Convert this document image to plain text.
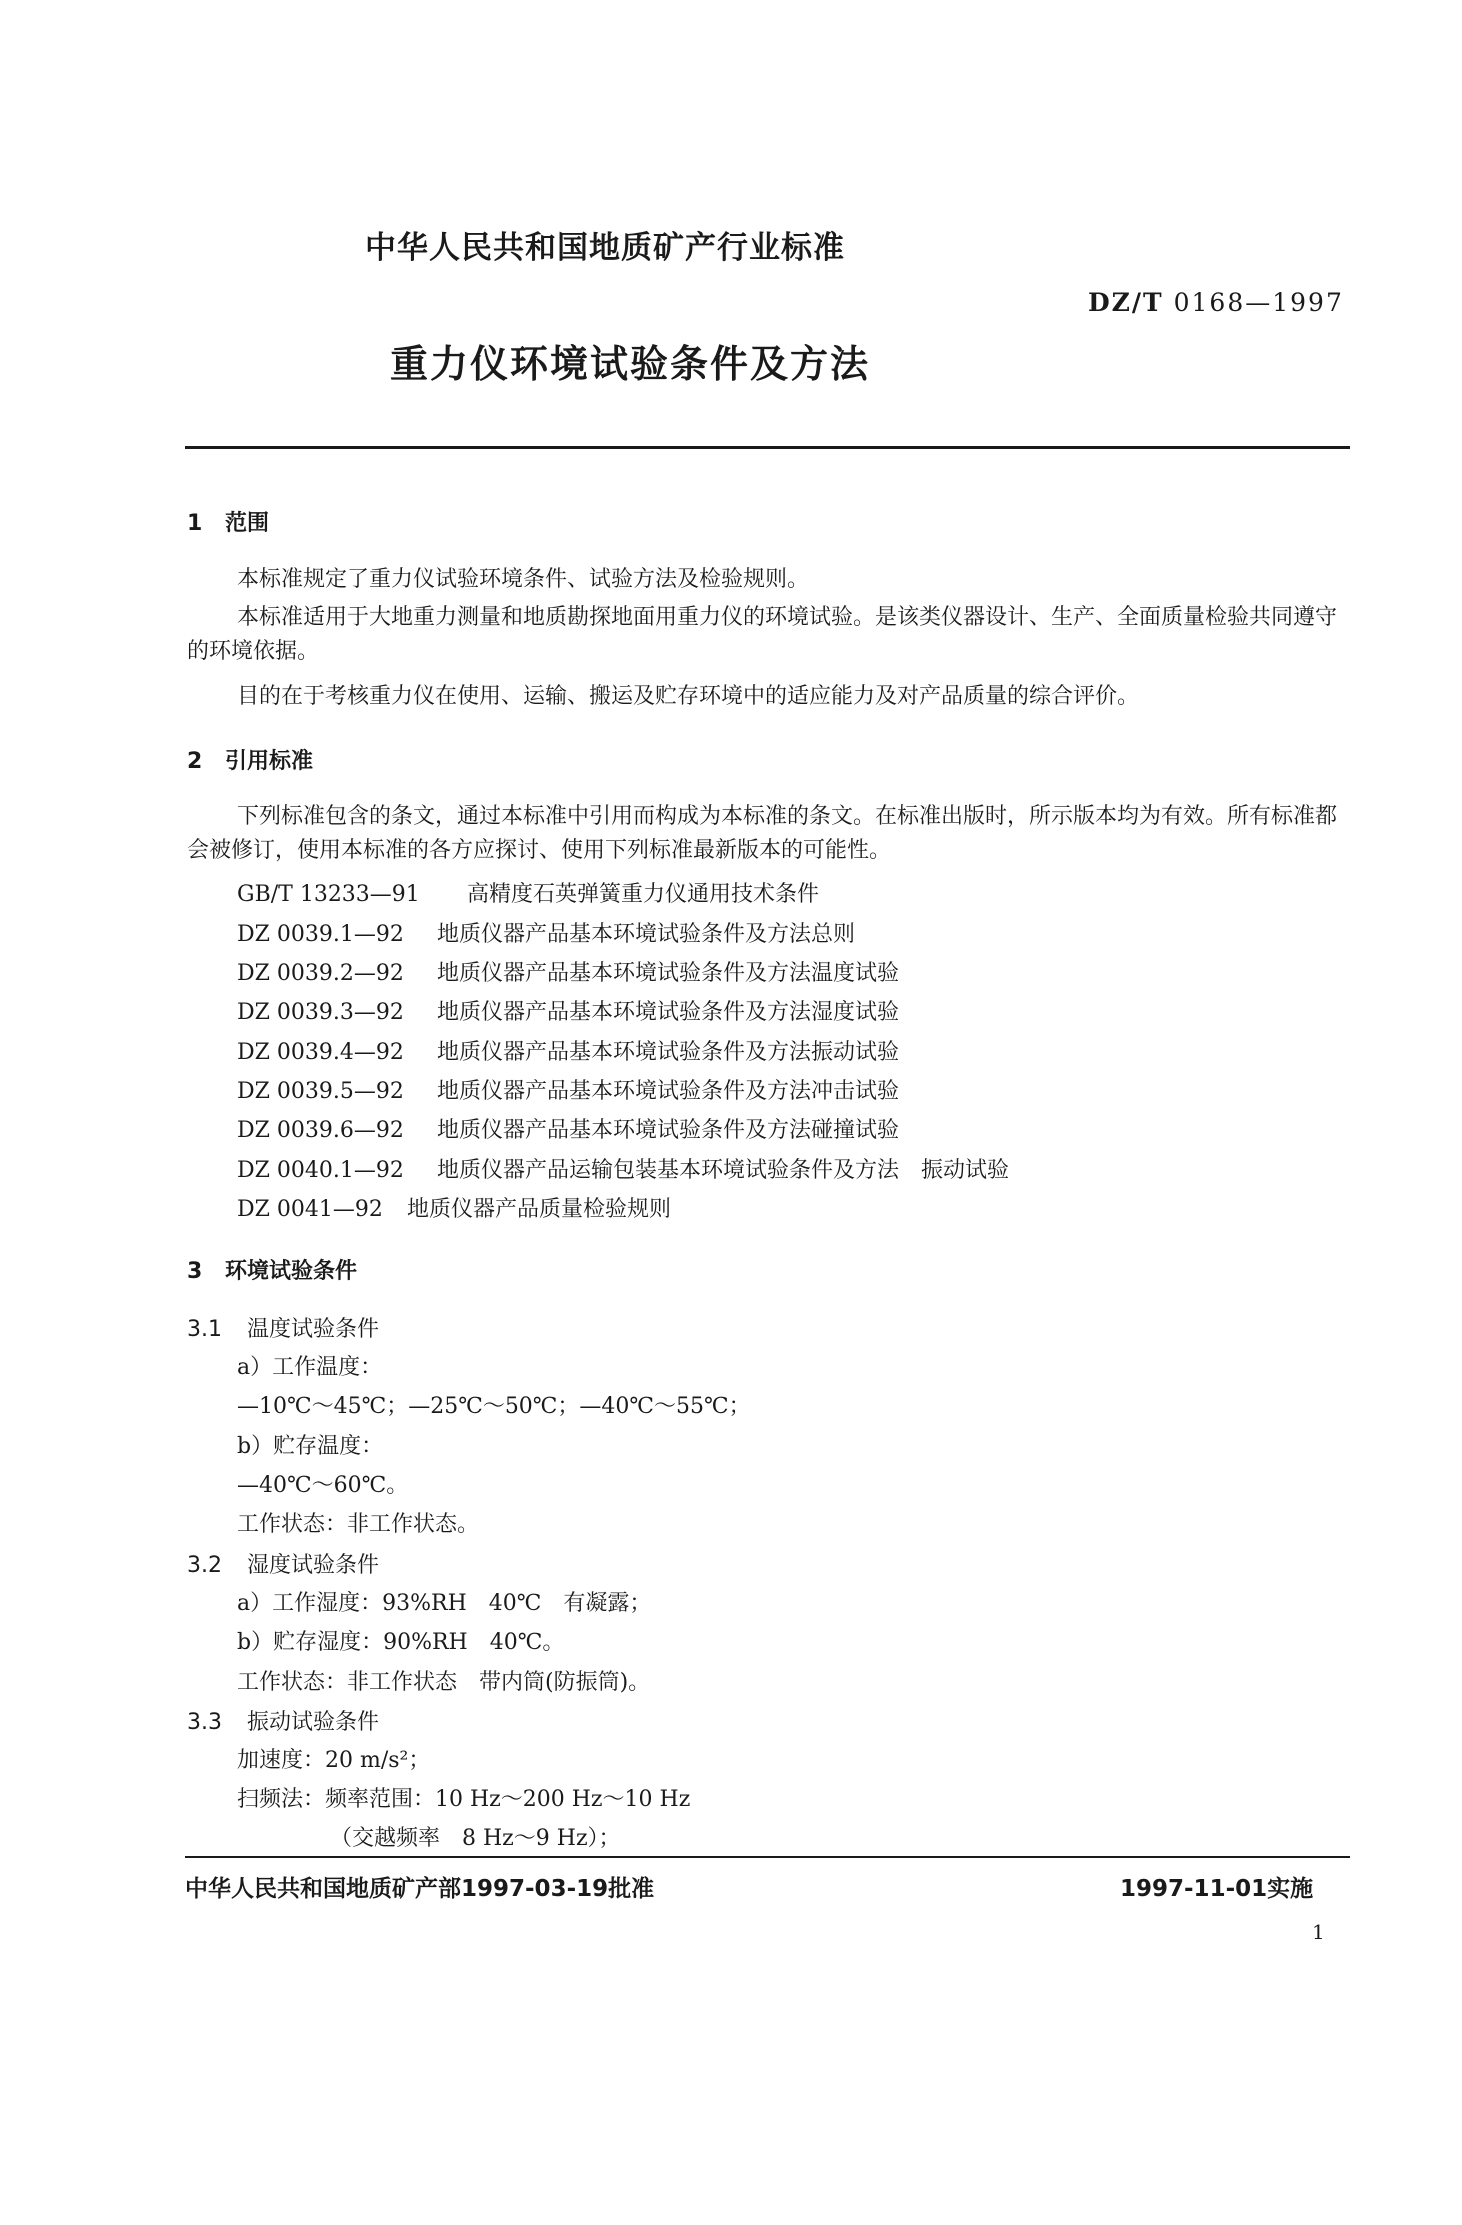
中华人民共和国地质矿产行业标准
DZ/T 0168—1997
重力仪环境试验条件及方法
1 范围
本标准规定了重力仪试验环境条件、试验方法及检验规则。
本标准适用于大地重力测量和地质勘探地面用重力仪的环境试验。是该类仪器设计、生产、全面质量检验共同遵守的环境依据。
目的在于考核重力仪在使用、运输、搬运及贮存环境中的适应能力及对产品质量的综合评价。
2 引用标准
下列标准包含的条文，通过本标准中引用而构成为本标准的条文。在标准出版时，所示版本均为有效。所有标准都会被修订，使用本标准的各方应探讨、使用下列标准最新版本的可能性。
GB/T 13233—91 高精度石英弹簧重力仪通用技术条件
DZ 0039.1—92 地质仪器产品基本环境试验条件及方法总则
DZ 0039.2—92 地质仪器产品基本环境试验条件及方法温度试验
DZ 0039.3—92 地质仪器产品基本环境试验条件及方法湿度试验
DZ 0039.4—92 地质仪器产品基本环境试验条件及方法振动试验
DZ 0039.5—92 地质仪器产品基本环境试验条件及方法冲击试验
DZ 0039.6—92 地质仪器产品基本环境试验条件及方法碰撞试验
DZ 0040.1—92 地质仪器产品运输包装基本环境试验条件及方法　振动试验
DZ 0041—92 地质仪器产品质量检验规则
3 环境试验条件
3.1 温度试验条件
a）工作温度：
—10℃～45℃；—25℃～50℃；—40℃～55℃；
b）贮存温度：
—40℃～60℃。
工作状态：非工作状态。
3.2 湿度试验条件
a）工作湿度：93%RH　40℃　有凝露；
b）贮存湿度：90%RH　40℃。
工作状态：非工作状态　带内筒(防振筒)。
3.3 振动试验条件
加速度：20 m/s²；
扫频法：频率范围：10 Hz～200 Hz～10 Hz
（交越频率　8 Hz～9 Hz）；
中华人民共和国地质矿产部1997-03-19批准	1997-11-01实施
1
